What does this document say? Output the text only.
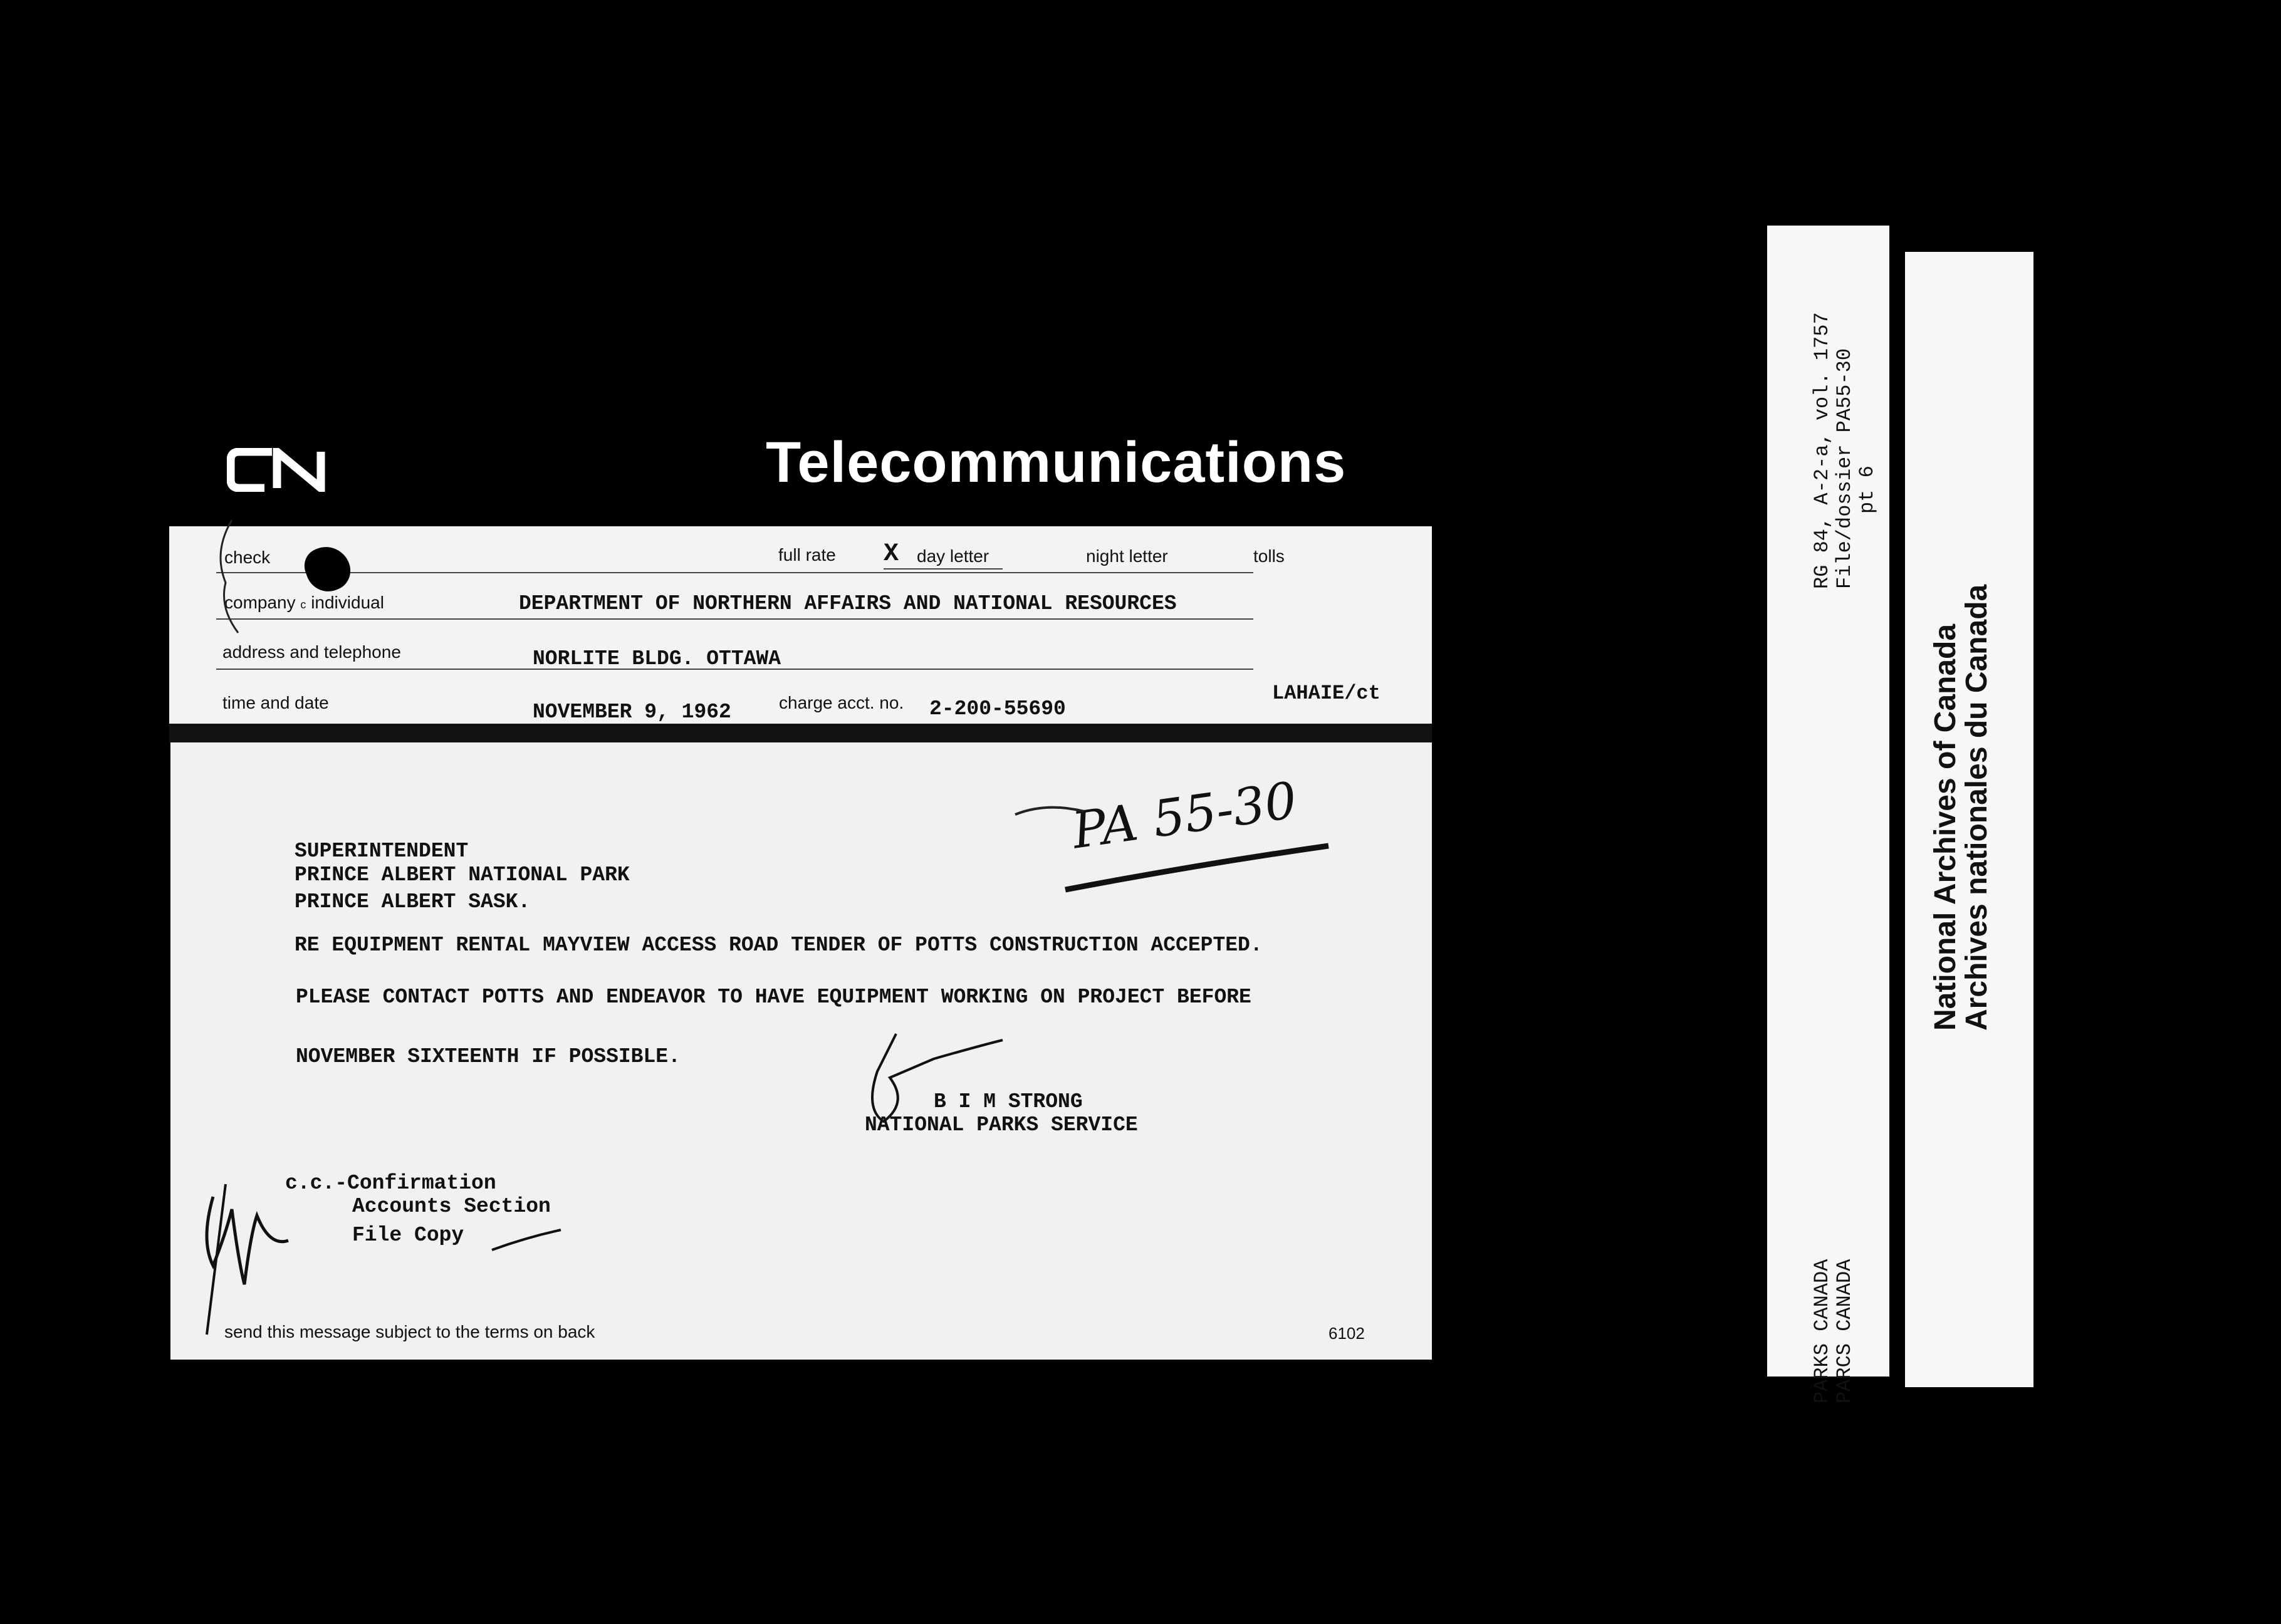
Telecommunications
check	full rate X day letter	night letter	tolls
company c individual	DEPARTMENT OF NORTHERN AFFAIRS AND NATIONAL RESOURCES
address and telephone	NORLITE BLDG. OTTAWA
time and date	NOVEMBER 9, 1962	charge acct. no. 2-200-55690
LAHAIE/ct
PA 55-30
SUPERINTENDENT
PRINCE ALBERT NATIONAL PARK
PRINCE ALBERT SASK.
RE EQUIPMENT RENTAL MAYVIEW ACCESS ROAD TENDER OF POTTS CONSTRUCTION ACCEPTED.
PLEASE CONTACT POTTS AND ENDEAVOR TO HAVE EQUIPMENT WORKING ON PROJECT BEFORE
NOVEMBER SIXTEENTH IF POSSIBLE.
B I M STRONG
NATIONAL PARKS SERVICE
c.c.-Confirmation
Accounts Section
File Copy
send this message subject to the terms on back	6102
RG 84, A-2-a, vol. 1757 File/dossier PA55-30 pt 6
PARKS CANADA PARCS CANADA
National Archives of Canada
Archives nationales du Canada
